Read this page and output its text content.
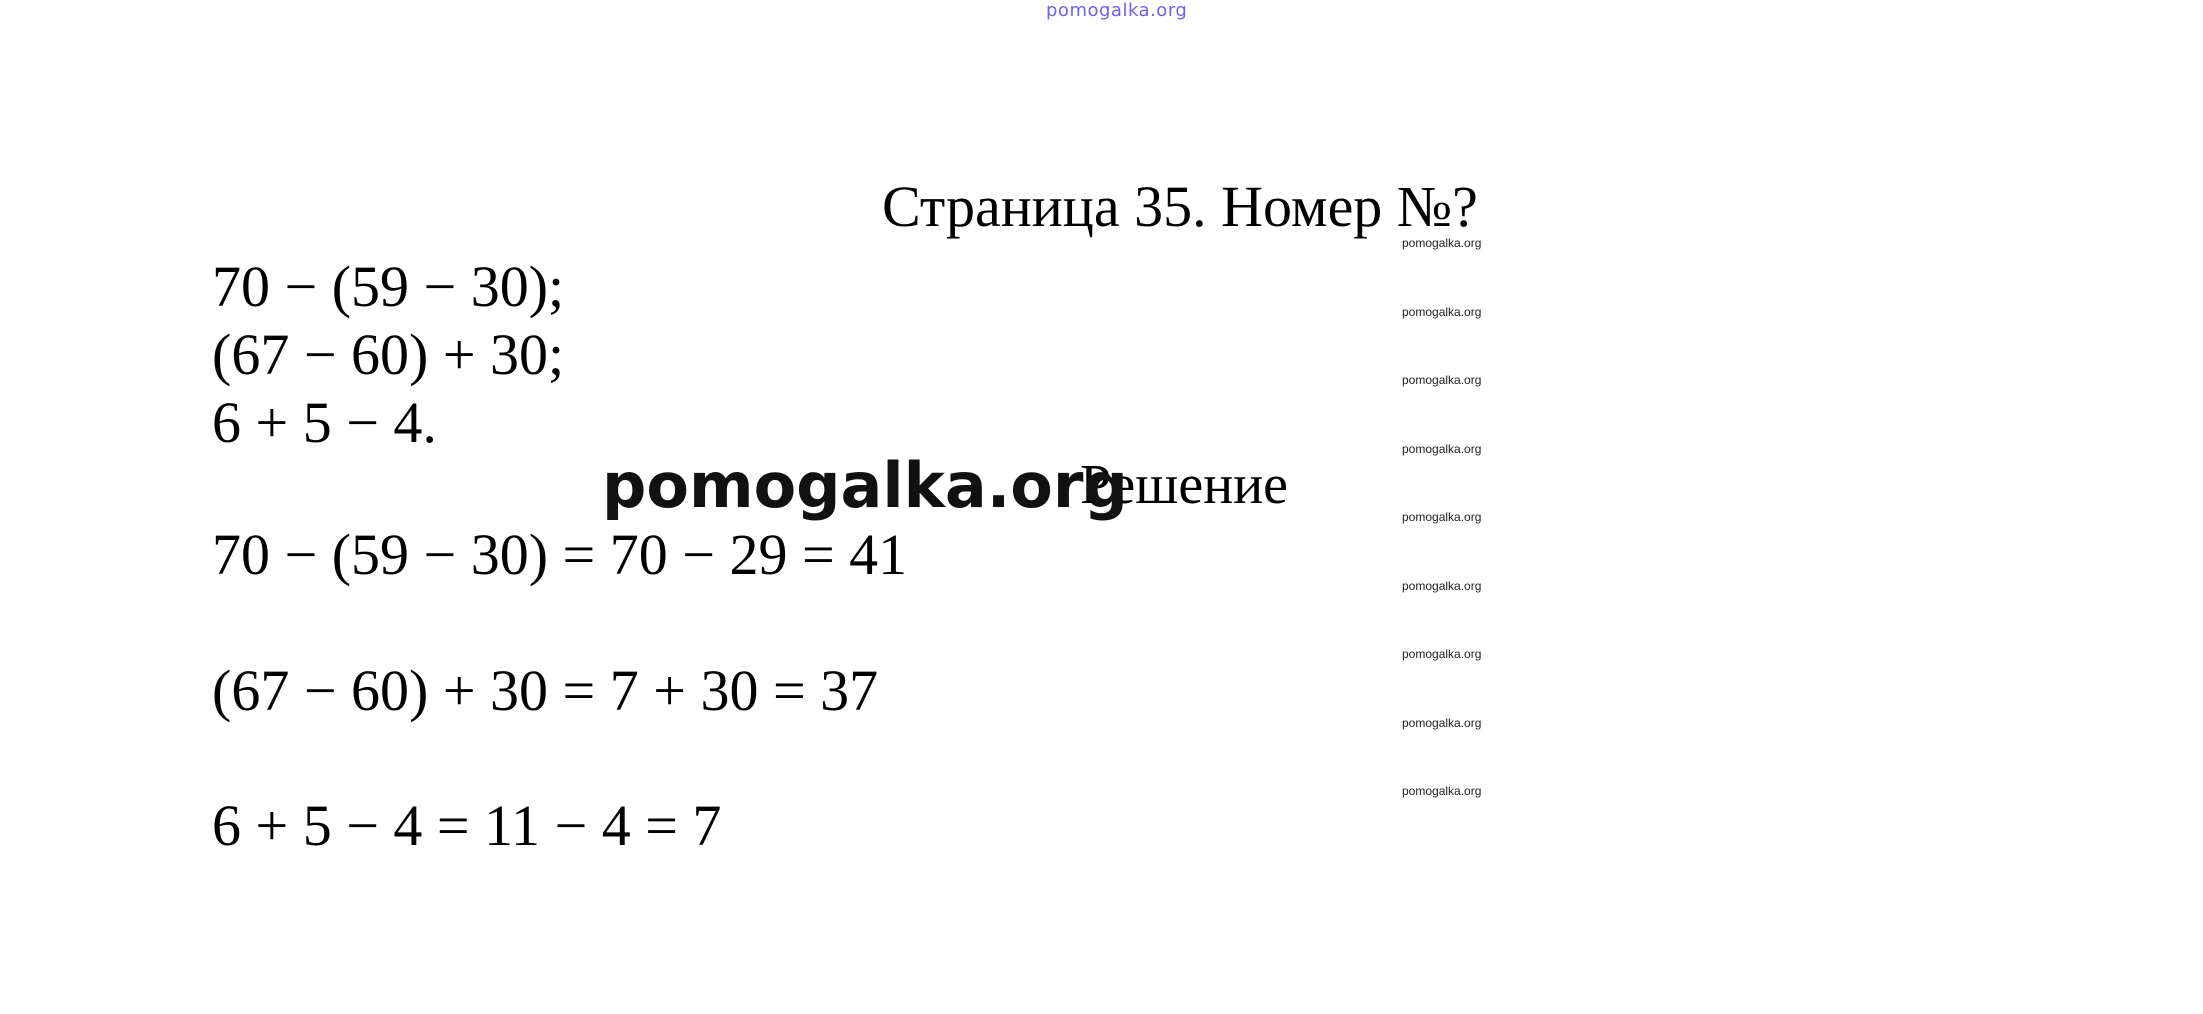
pomogalka.org
Страница 35. Номер №?
70 − (59 − 30);
(67 − 60) + 30;
6 + 5 − 4.
Решение
70 − (59 − 30) = 70 − 29 = 41
(67 − 60) + 30 = 7 + 30 = 37
6 + 5 − 4 = 11 − 4 = 7
pomogalka.org
pomogalka.org
pomogalka.org
pomogalka.org
pomogalka.org
pomogalka.org
pomogalka.org
pomogalka.org
pomogalka.org
pomogalka.org
